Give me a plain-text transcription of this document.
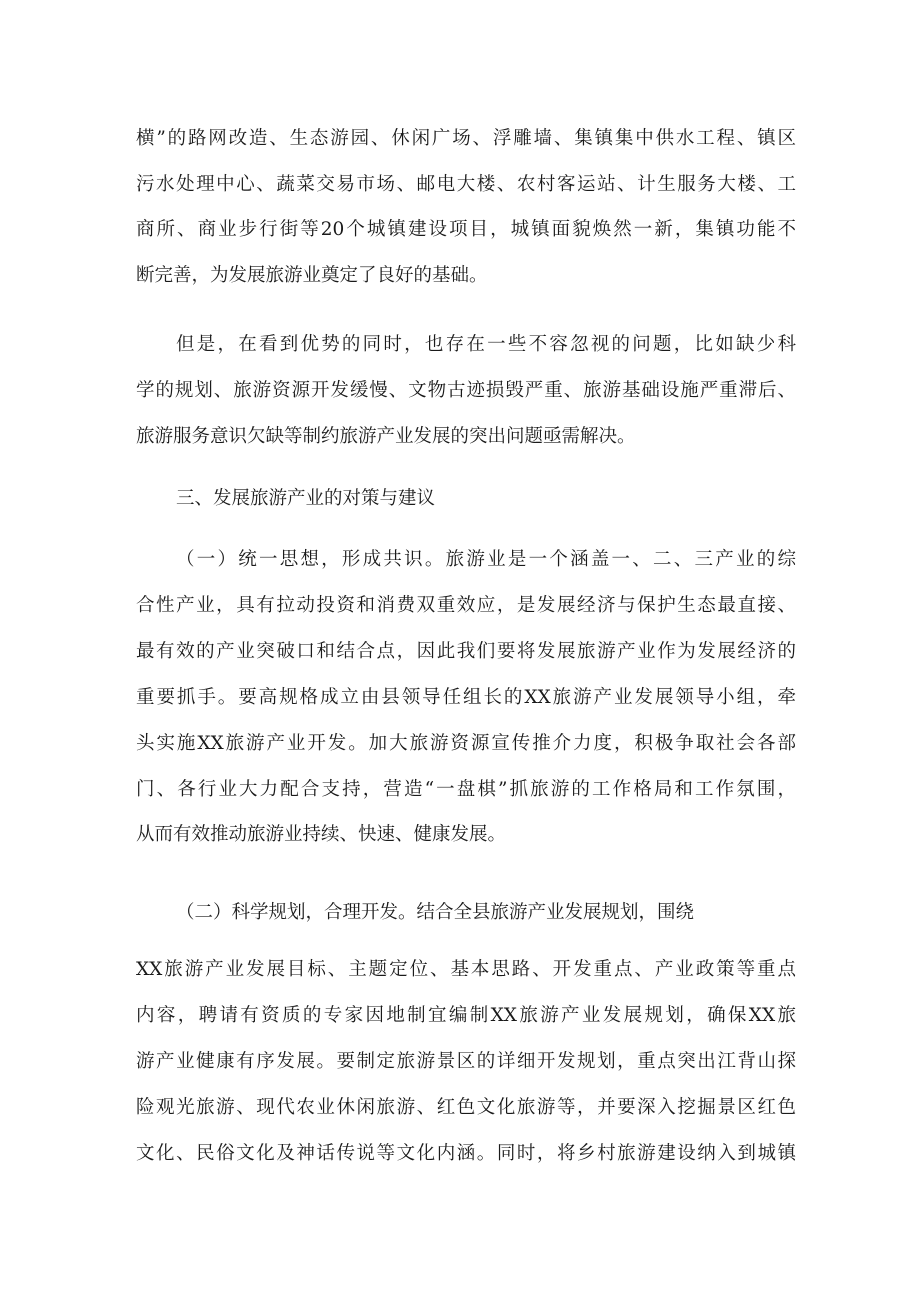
横”的路网改造、生态游园、休闲广场、浮雕墙、集镇集中供水工程、镇区

污水处理中心、蔬菜交易市场、邮电大楼、农村客运站、计生服务大楼、工

商所、商业步行街等20个城镇建设项目，城镇面貌焕然一新，集镇功能不

断完善，为发展旅游业奠定了良好的基础。

但是，在看到优势的同时，也存在一些不容忽视的问题，比如缺少科

学的规划、旅游资源开发缓慢、文物古迹损毁严重、旅游基础设施严重滞后、

旅游服务意识欠缺等制约旅游产业发展的突出问题亟需解决。

三、发展旅游产业的对策与建议

（一）统一思想，形成共识。旅游业是一个涵盖一、二、三产业的综

合性产业，具有拉动投资和消费双重效应，是发展经济与保护生态最直接、

最有效的产业突破口和结合点，因此我们要将发展旅游产业作为发展经济的

重要抓手。要高规格成立由县领导任组长的XX旅游产业发展领导小组，牵

头实施XX旅游产业开发。加大旅游资源宣传推介力度，积极争取社会各部

门、各行业大力配合支持，营造“一盘棋”抓旅游的工作格局和工作氛围，

从而有效推动旅游业持续、快速、健康发展。

（二）科学规划，合理开发。结合全县旅游产业发展规划，围绕

XX旅游产业发展目标、主题定位、基本思路、开发重点、产业政策等重点

内容，聘请有资质的专家因地制宜编制XX旅游产业发展规划，确保XX旅

游产业健康有序发展。要制定旅游景区的详细开发规划，重点突出江背山探

险观光旅游、现代农业休闲旅游、红色文化旅游等，并要深入挖掘景区红色

文化、民俗文化及神话传说等文化内涵。同时，将乡村旅游建设纳入到城镇
